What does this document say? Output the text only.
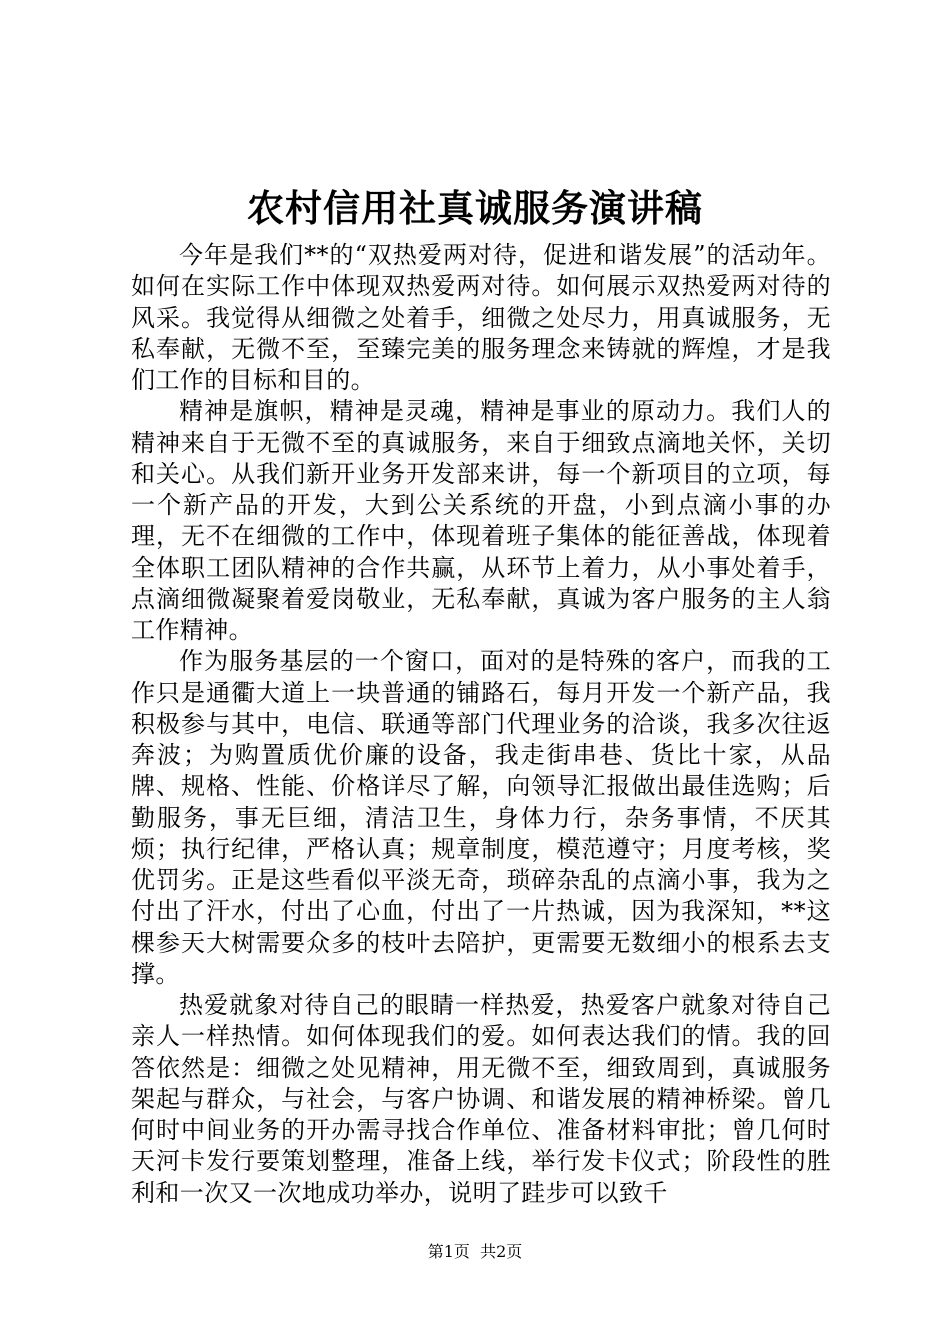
农村信用社真诚服务演讲稿

今年是我们**的“双热爱两对待，促进和谐发展”的活动年。如何在实际工作中体现双热爱两对待。如何展示双热爱两对待的风采。我觉得从细微之处着手，细微之处尽力，用真诚服务，无私奉献，无微不至，至臻完美的服务理念来铸就的辉煌，才是我们工作的目标和目的。

精神是旗帜，精神是灵魂，精神是事业的原动力。我们人的精神来自于无微不至的真诚服务，来自于细致点滴地关怀，关切和关心。从我们新开业务开发部来讲，每一个新项目的立项，每一个新产品的开发，大到公关系统的开盘，小到点滴小事的办理，无不在细微的工作中，体现着班子集体的能征善战，体现着全体职工团队精神的合作共赢，从环节上着力，从小事处着手，点滴细微凝聚着爱岗敬业，无私奉献，真诚为客户服务的主人翁工作精神。

作为服务基层的一个窗口，面对的是特殊的客户，而我的工作只是通衢大道上一块普通的铺路石，每月开发一个新产品，我积极参与其中，电信、联通等部门代理业务的洽谈，我多次往返奔波；为购置质优价廉的设备，我走街串巷、货比十家，从品牌、规格、性能、价格详尽了解，向领导汇报做出最佳选购；后勤服务，事无巨细，清洁卫生，身体力行，杂务事情，不厌其烦；执行纪律，严格认真；规章制度，模范遵守；月度考核，奖优罚劣。正是这些看似平淡无奇，琐碎杂乱的点滴小事，我为之付出了汗水，付出了心血，付出了一片热诚，因为我深知，**这棵参天大树需要众多的枝叶去陪护，更需要无数细小的根系去支撑。

热爱就象对待自己的眼睛一样热爱，热爱客户就象对待自己亲人一样热情。如何体现我们的爱。如何表达我们的情。我的回答依然是：细微之处见精神，用无微不至，细致周到，真诚服务架起与群众，与社会，与客户协调、和谐发展的精神桥梁。曾几何时中间业务的开办需寻找合作单位、准备材料审批；曾几何时天河卡发行要策划整理，准备上线，举行发卡仪式；阶段性的胜利和一次又一次地成功举办，说明了跬步可以致千

第1页 共2页
